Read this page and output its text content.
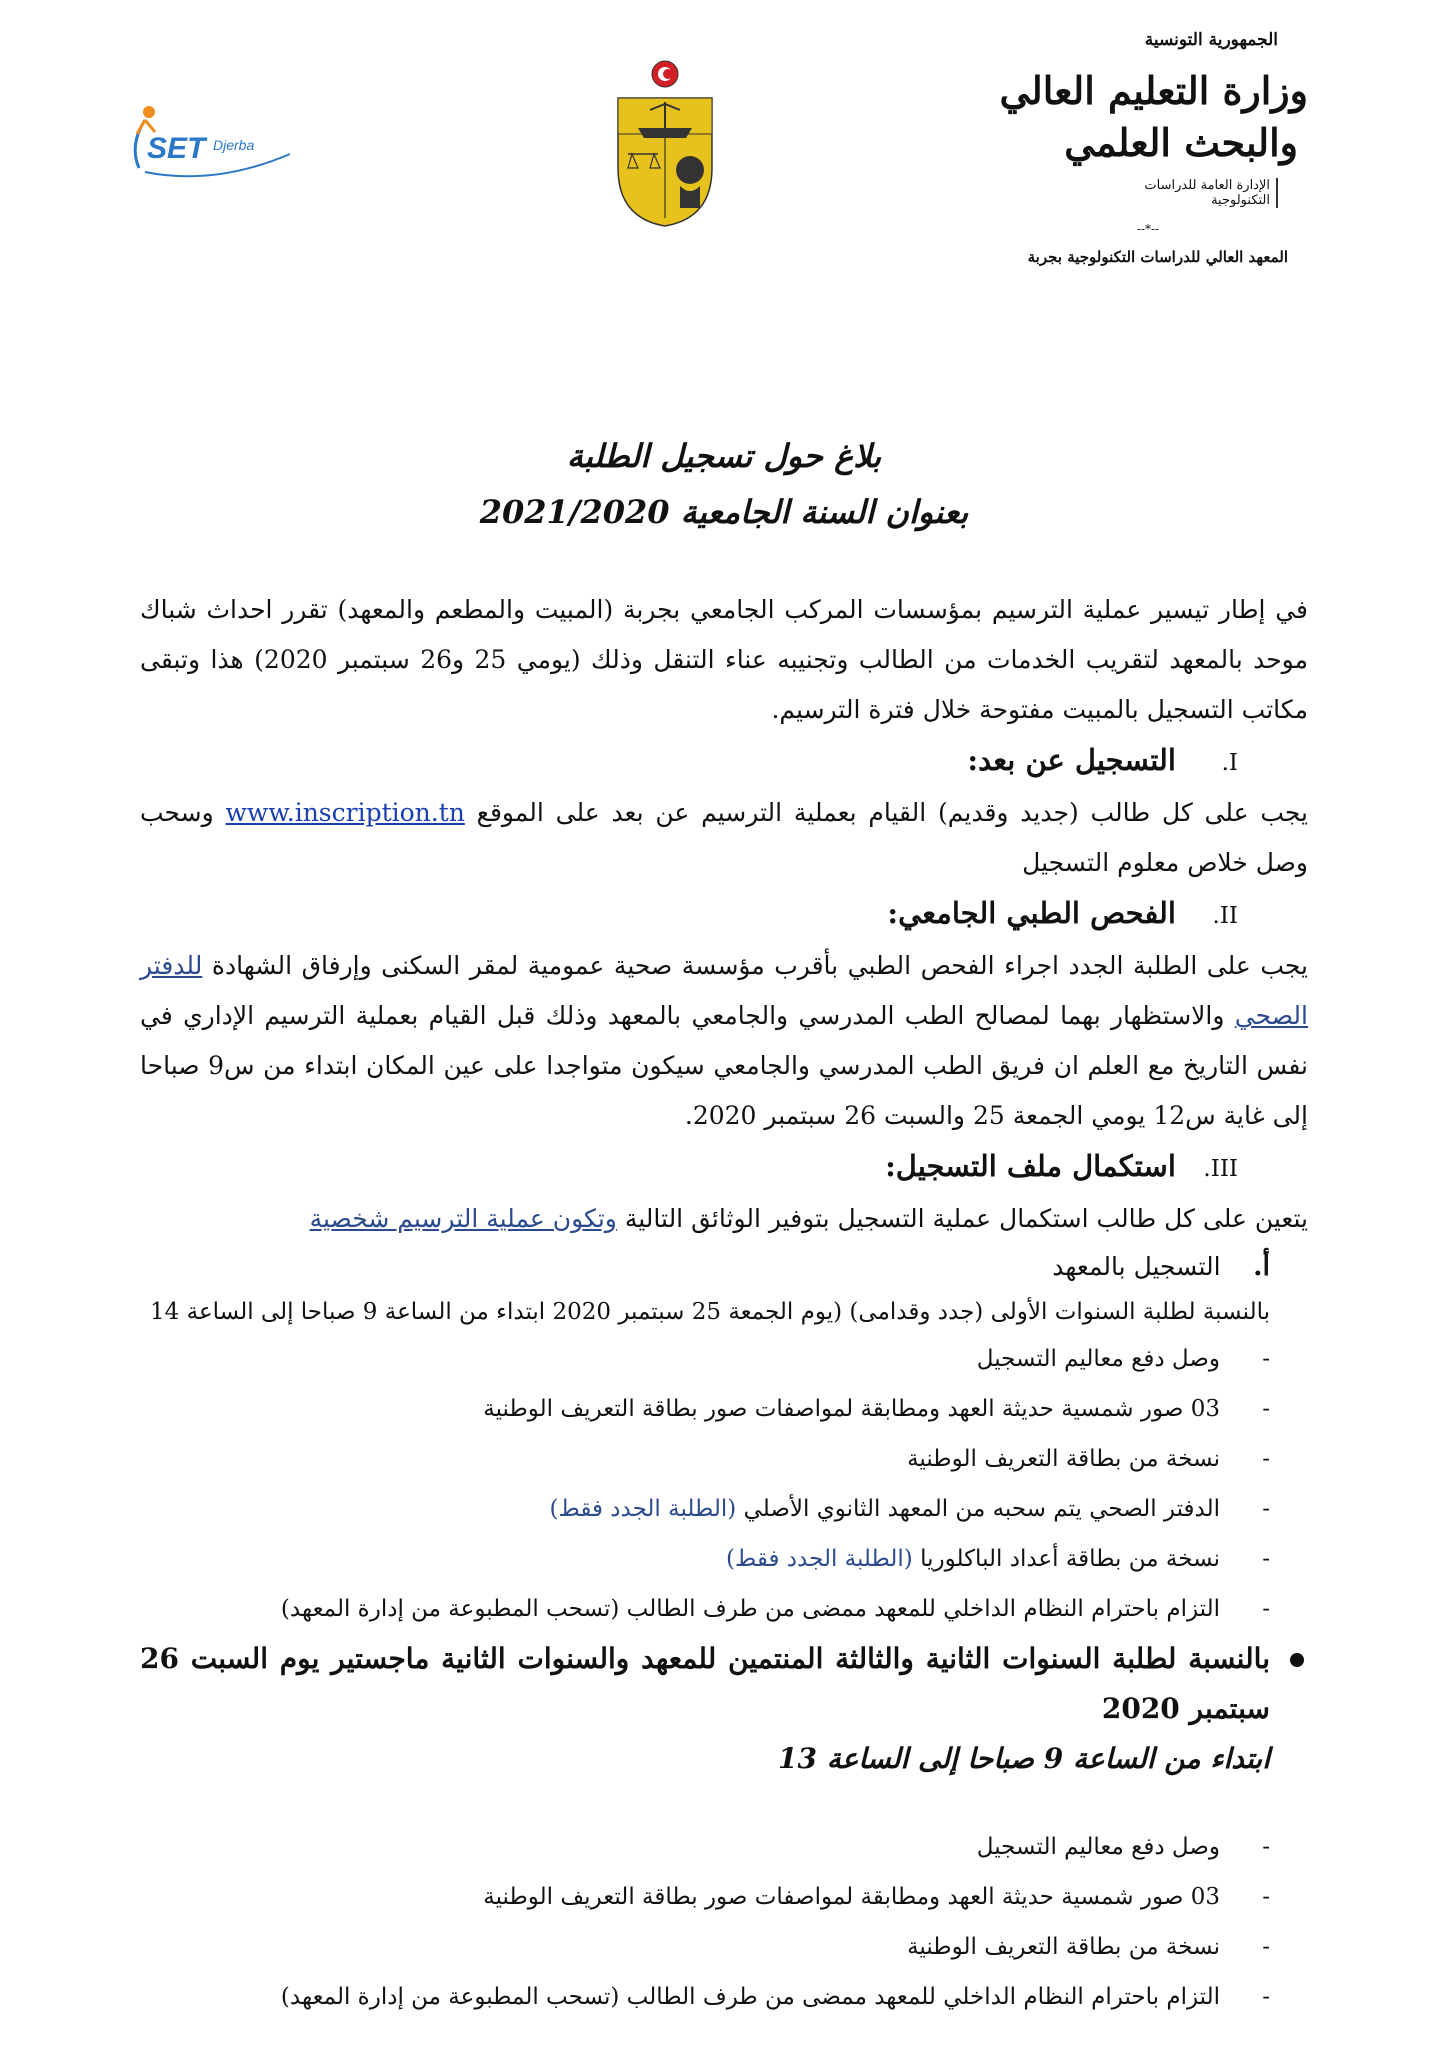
SET Djerba
الجمهورية التونسية
وزارة التعليم العالي
والبحث العلمي
الإدارة العامة للدراسات التكنولوجية
--*--
المعهد العالي للدراسات التكنولوجية بجربة
بلاغ حول تسجيل الطلبة
بعنوان السنة الجامعية 2021/2020

في إطار تيسير عملية الترسيم بمؤسسات المركب الجامعي بجربة (المبيت والمطعم والمعهد) تقرر احداث شباك موحد بالمعهد لتقريب الخدمات من الطالب وتجنيبه عناء التنقل وذلك (يومي 25 و26 سبتمبر 2020) هذا وتبقى مكاتب التسجيل بالمبيت مفتوحة خلال فترة الترسيم.

I. التسجيل عن بعد:

يجب على كل طالب (جديد وقديم) القيام بعملية الترسيم عن بعد على الموقع www.inscription.tn وسحب وصل خلاص معلوم التسجيل

II. الفحص الطبي الجامعي:

يجب على الطلبة الجدد اجراء الفحص الطبي بأقرب مؤسسة صحية عمومية لمقر السكنى وإرفاق الشهادة للدفتر الصحي والاستظهار بهما لمصالح الطب المدرسي والجامعي بالمعهد وذلك قبل القيام بعملية الترسيم الإداري في نفس التاريخ مع العلم ان فريق الطب المدرسي والجامعي سيكون متواجدا على عين المكان ابتداء من س9 صباحا إلى غاية س12 يومي الجمعة 25 والسبت 26 سبتمبر 2020.

III. استكمال ملف التسجيل:

يتعين على كل طالب استكمال عملية التسجيل بتوفير الوثائق التالية وتكون عملية الترسيم شخصية

أ. التسجيل بالمعهد

بالنسبة لطلبة السنوات الأولى (جدد وقدامى) (يوم الجمعة 25 سبتمبر 2020 ابتداء من الساعة 9 صباحا إلى الساعة 14

- وصل دفع معاليم التسجيل
- 03 صور شمسية حديثة العهد ومطابقة لمواصفات صور بطاقة التعريف الوطنية
- نسخة من بطاقة التعريف الوطنية
- الدفتر الصحي يتم سحبه من المعهد الثانوي الأصلي (الطلبة الجدد فقط)
- نسخة من بطاقة أعداد الباكلوريا (الطلبة الجدد فقط)
- التزام باحترام النظام الداخلي للمعهد ممضى من طرف الطالب (تسحب المطبوعة من إدارة المعهد)

بالنسبة لطلبة السنوات الثانية والثالثة المنتمين للمعهد والسنوات الثانية ماجستير يوم السبت 26 سبتمبر 2020
ابتداء من الساعة 9 صباحا إلى الساعة 13

- وصل دفع معاليم التسجيل
- 03 صور شمسية حديثة العهد ومطابقة لمواصفات صور بطاقة التعريف الوطنية
- نسخة من بطاقة التعريف الوطنية
- التزام باحترام النظام الداخلي للمعهد ممضى من طرف الطالب (تسحب المطبوعة من إدارة المعهد)
